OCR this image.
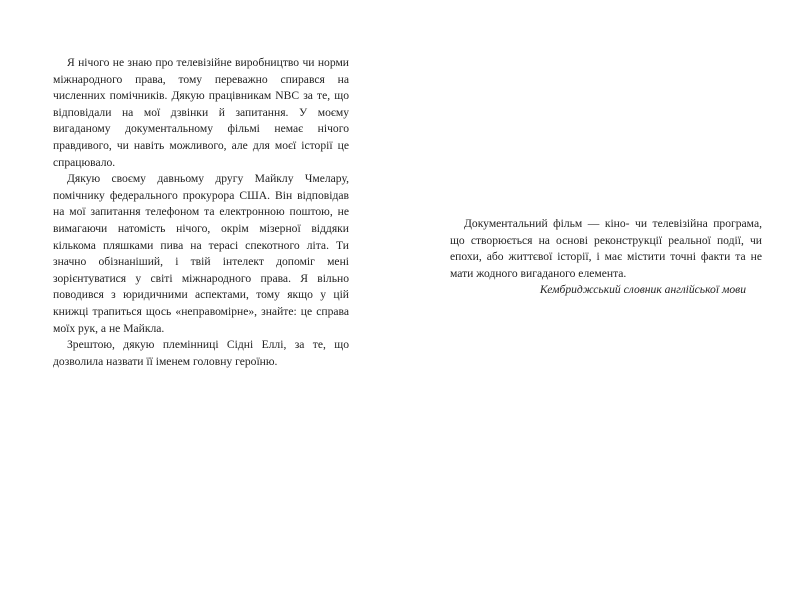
Я нічого не знаю про телевізійне виробництво чи норми міжнародного права, тому переважно спирався на численних помічників. Дякую працівникам NBC за те, що відповідали на мої дзвінки й запитання. У моєму вигаданому документальному фільмі немає нічого правдивого, чи навіть можливого, але для моєї історії це спрацювало.

Дякую своєму давньому другу Майклу Чмелару, помічнику федерального прокурора США. Він відповідав на мої запитання телефоном та електронною поштою, не вимагаючи натомість нічого, окрім мізерної віддяки кількома пляшками пива на терасі спекотного літа. Ти значно обізнаніший, і твій інтелект допоміг мені зорієнтуватися у світі міжнародного права. Я вільно поводився з юридичними аспектами, тому якщо у цій книжці трапиться щось «неправомірне», знайте: це справа моїх рук, а не Майкла.

Зрештою, дякую племінниці Сідні Еллі, за те, що дозволила назвати її іменем головну героїню.

Документальний фільм — кіно- чи телевізійна програма, що створюється на основі реконструкції реальної події, чи епохи, або життєвої історії, і має містити точні факти та не мати жодного вигаданого елемента.

Кембриджський словник англійської мови
